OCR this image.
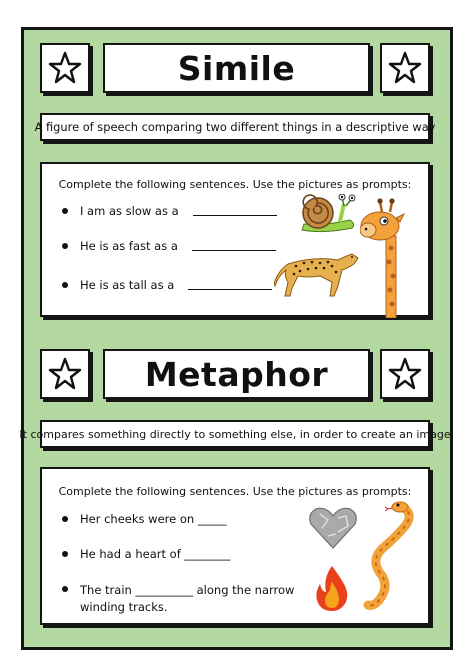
Simile
A figure of speech comparing two different things in a descriptive way
Complete the following sentences. Use the pictures as prompts:
I am as slow as a
He is as fast as a
He is as tall as a
Metaphor
It compares something directly to something else, in order to create an image
Complete the following sentences. Use the pictures as prompts:
Her cheeks were on _____
He had a heart of ________
The train __________ along the narrow
winding tracks.
